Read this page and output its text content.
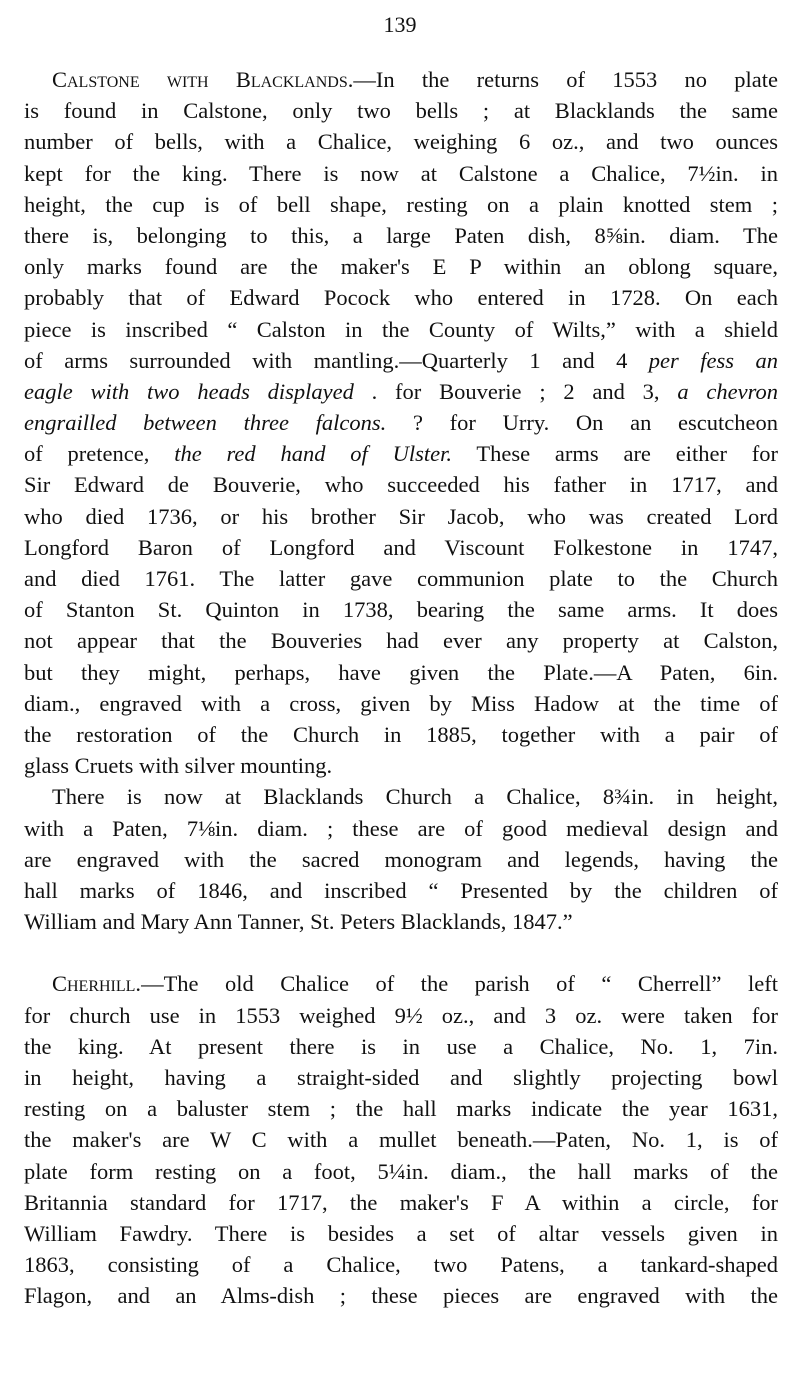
139
Calstone with Blacklands.—In the returns of 1553 no plate
is found in Calstone, only two bells ; at Blacklands the same
number of bells, with a Chalice, weighing 6 oz., and two ounces
kept for the king. There is now at Calstone a Chalice, 7½in. in
height, the cup is of bell shape, resting on a plain knotted stem ;
there is, belonging to this, a large Paten dish, 8⅝in. diam. The
only marks found are the maker's E P within an oblong square,
probably that of Edward Pocock who entered in 1728. On each
piece is inscribed “ Calston in the County of Wilts,” with a shield
of arms surrounded with mantling.—Quarterly 1 and 4 per fess an
eagle with two heads displayed . for Bouverie ; 2 and 3, a chevron
engrailled between three falcons. ? for Urry. On an escutcheon
of pretence, the red hand of Ulster. These arms are either for
Sir Edward de Bouverie, who succeeded his father in 1717, and
who died 1736, or his brother Sir Jacob, who was created Lord
Longford Baron of Longford and Viscount Folkestone in 1747,
and died 1761. The latter gave communion plate to the Church
of Stanton St. Quinton in 1738, bearing the same arms. It does
not appear that the Bouveries had ever any property at Calston,
but they might, perhaps, have given the Plate.—A Paten, 6in.
diam., engraved with a cross, given by Miss Hadow at the time of
the restoration of the Church in 1885, together with a pair of
glass Cruets with silver mounting.
There is now at Blacklands Church a Chalice, 8¾in. in height,
with a Paten, 7⅛in. diam. ; these are of good medieval design and
are engraved with the sacred monogram and legends, having the
hall marks of 1846, and inscribed “ Presented by the children of
William and Mary Ann Tanner, St. Peters Blacklands, 1847.”
Cherhill.—The old Chalice of the parish of “ Cherrell” left
for church use in 1553 weighed 9½ oz., and 3 oz. were taken for
the king. At present there is in use a Chalice, No. 1, 7in.
in height, having a straight-sided and slightly projecting bowl
resting on a baluster stem ; the hall marks indicate the year 1631,
the maker's are W C with a mullet beneath.—Paten, No. 1, is of
plate form resting on a foot, 5¼in. diam., the hall marks of the
Britannia standard for 1717, the maker's F A within a circle, for
William Fawdry. There is besides a set of altar vessels given in
1863, consisting of a Chalice, two Patens, a tankard-shaped
Flagon, and an Alms-dish ; these pieces are engraved with the
